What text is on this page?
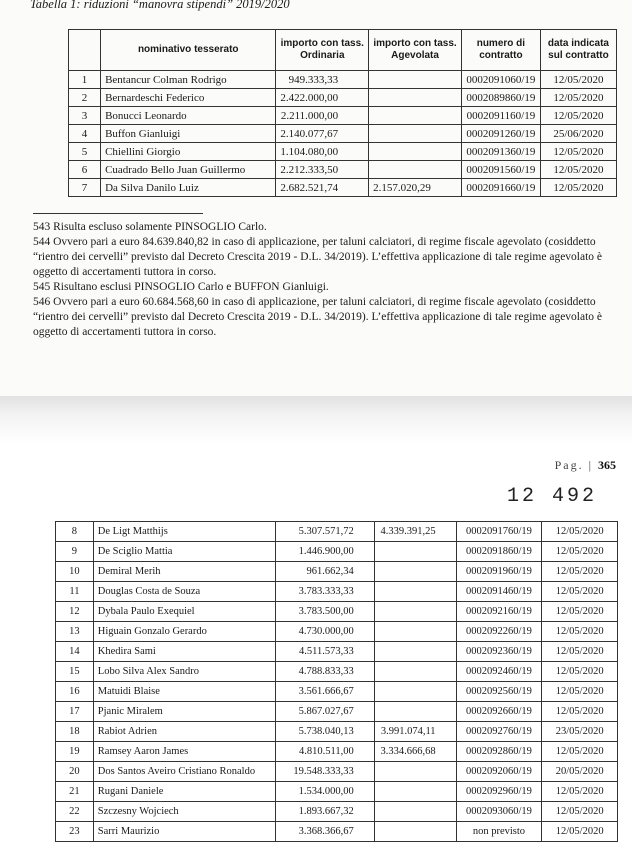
Tabella 1: riduzioni “manovra stipendi” 2019/2020
	nominativo tesserato	importo con tass. Ordinaria	importo con tass. Agevolata	numero di contratto	data indicata sul contratto
1	Bentancur Colman Rodrigo	949.333,33		0002091060/19	12/05/2020
2	Bernardeschi Federico	2.422.000,00		0002089860/19	12/05/2020
3	Bonucci Leonardo	2.211.000,00		0002091160/19	12/05/2020
4	Buffon Gianluigi	2.140.077,67		0002091260/19	25/06/2020
5	Chiellini Giorgio	1.104.080,00		0002091360/19	12/05/2020
6	Cuadrado Bello Juan Guillermo	2.212.333,50		0002091560/19	12/05/2020
7	Da Silva Danilo Luiz	2.682.521,74	2.157.020,29	0002091660/19	12/05/2020

543 Risulta escluso solamente PINSOGLIO Carlo.

544 Ovvero pari a euro 84.639.840,82 in caso di applicazione, per taluni calciatori, di regime fiscale agevolato (cosiddetto “rientro dei cervelli” previsto dal Decreto Crescita 2019 - D.L. 34/2019). L’effettiva applicazione di tale regime agevolato è oggetto di accertamenti tuttora in corso.

545 Risultano esclusi PINSOGLIO Carlo e BUFFON Gianluigi.

546 Ovvero pari a euro 60.684.568,60 in caso di applicazione, per taluni calciatori, di regime fiscale agevolato (cosiddetto “rientro dei cervelli” previsto dal Decreto Crescita 2019 - D.L. 34/2019). L’effettiva applicazione di tale regime agevolato è oggetto di accertamenti tuttora in corso.

Pag. | 365
12 492
8	De Ligt Matthijs	5.307.571,72	4.339.391,25	0002091760/19	12/05/2020
9	De Sciglio Mattia	1.446.900,00		0002091860/19	12/05/2020
10	Demiral Merih	961.662,34		0002091960/19	12/05/2020
11	Douglas Costa de Souza	3.783.333,33		0002091460/19	12/05/2020
12	Dybala Paulo Exequiel	3.783.500,00		0002092160/19	12/05/2020
13	Higuain Gonzalo Gerardo	4.730.000,00		0002092260/19	12/05/2020
14	Khedira Sami	4.511.573,33		0002092360/19	12/05/2020
15	Lobo Silva Alex Sandro	4.788.833,33		0002092460/19	12/05/2020
16	Matuidi Blaise	3.561.666,67		0002092560/19	12/05/2020
17	Pjanic Miralem	5.867.027,67		0002092660/19	12/05/2020
18	Rabiot Adrien	5.738.040,13	3.991.074,11	0002092760/19	23/05/2020
19	Ramsey Aaron James	4.810.511,00	3.334.666,68	0002092860/19	12/05/2020
20	Dos Santos Aveiro Cristiano Ronaldo	19.548.333,33		0002092060/19	20/05/2020
21	Rugani Daniele	1.534.000,00		0002092960/19	12/05/2020
22	Szczesny Wojciech	1.893.667,32		0002093060/19	12/05/2020
23	Sarri Maurizio	3.368.366,67		non previsto	12/05/2020
